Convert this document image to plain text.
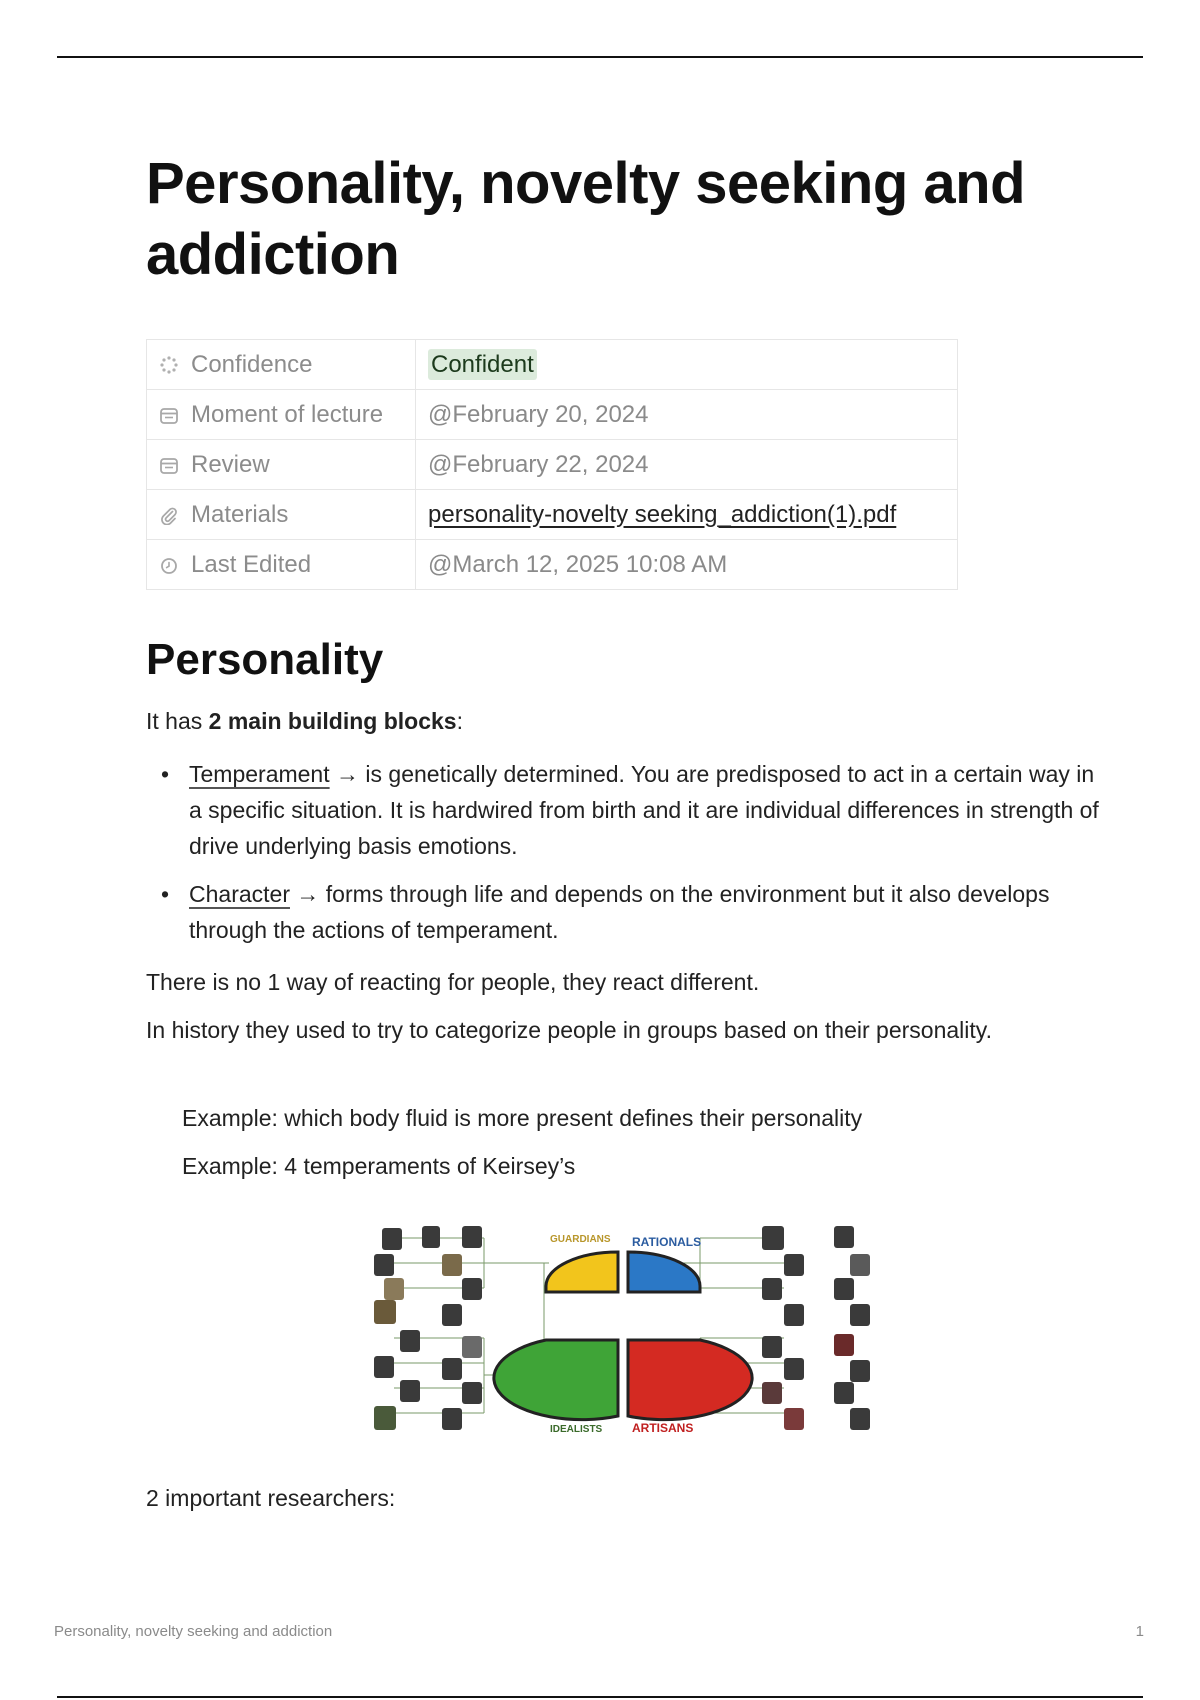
Personality, novelty seeking and addiction
Confidence	Confident
Moment of lecture	@February 20, 2024
Review	@February 22, 2024
Materials	personality-novelty seeking_addiction(1).pdf
Last Edited	@March 12, 2025 10:08 AM
Personality

It has 2 main building blocks:

• Temperament → is genetically determined. You are predisposed to act in a certain way in a specific situation. It is hardwired from birth and it are individual differences in strength of drive underlying basis emotions.
• Character → forms through life and depends on the environment but it also develops through the actions of temperament.

There is no 1 way of reacting for people, they react different.

In history they used to try to categorize people in groups based on their personality.

Example: which body fluid is more present defines their personality

Example: 4 temperaments of Keirsey’s

GUARDIANS RATIONALS
IDEALISTS ARTISANS

2 important researchers:

Personality, novelty seeking and addiction	1
